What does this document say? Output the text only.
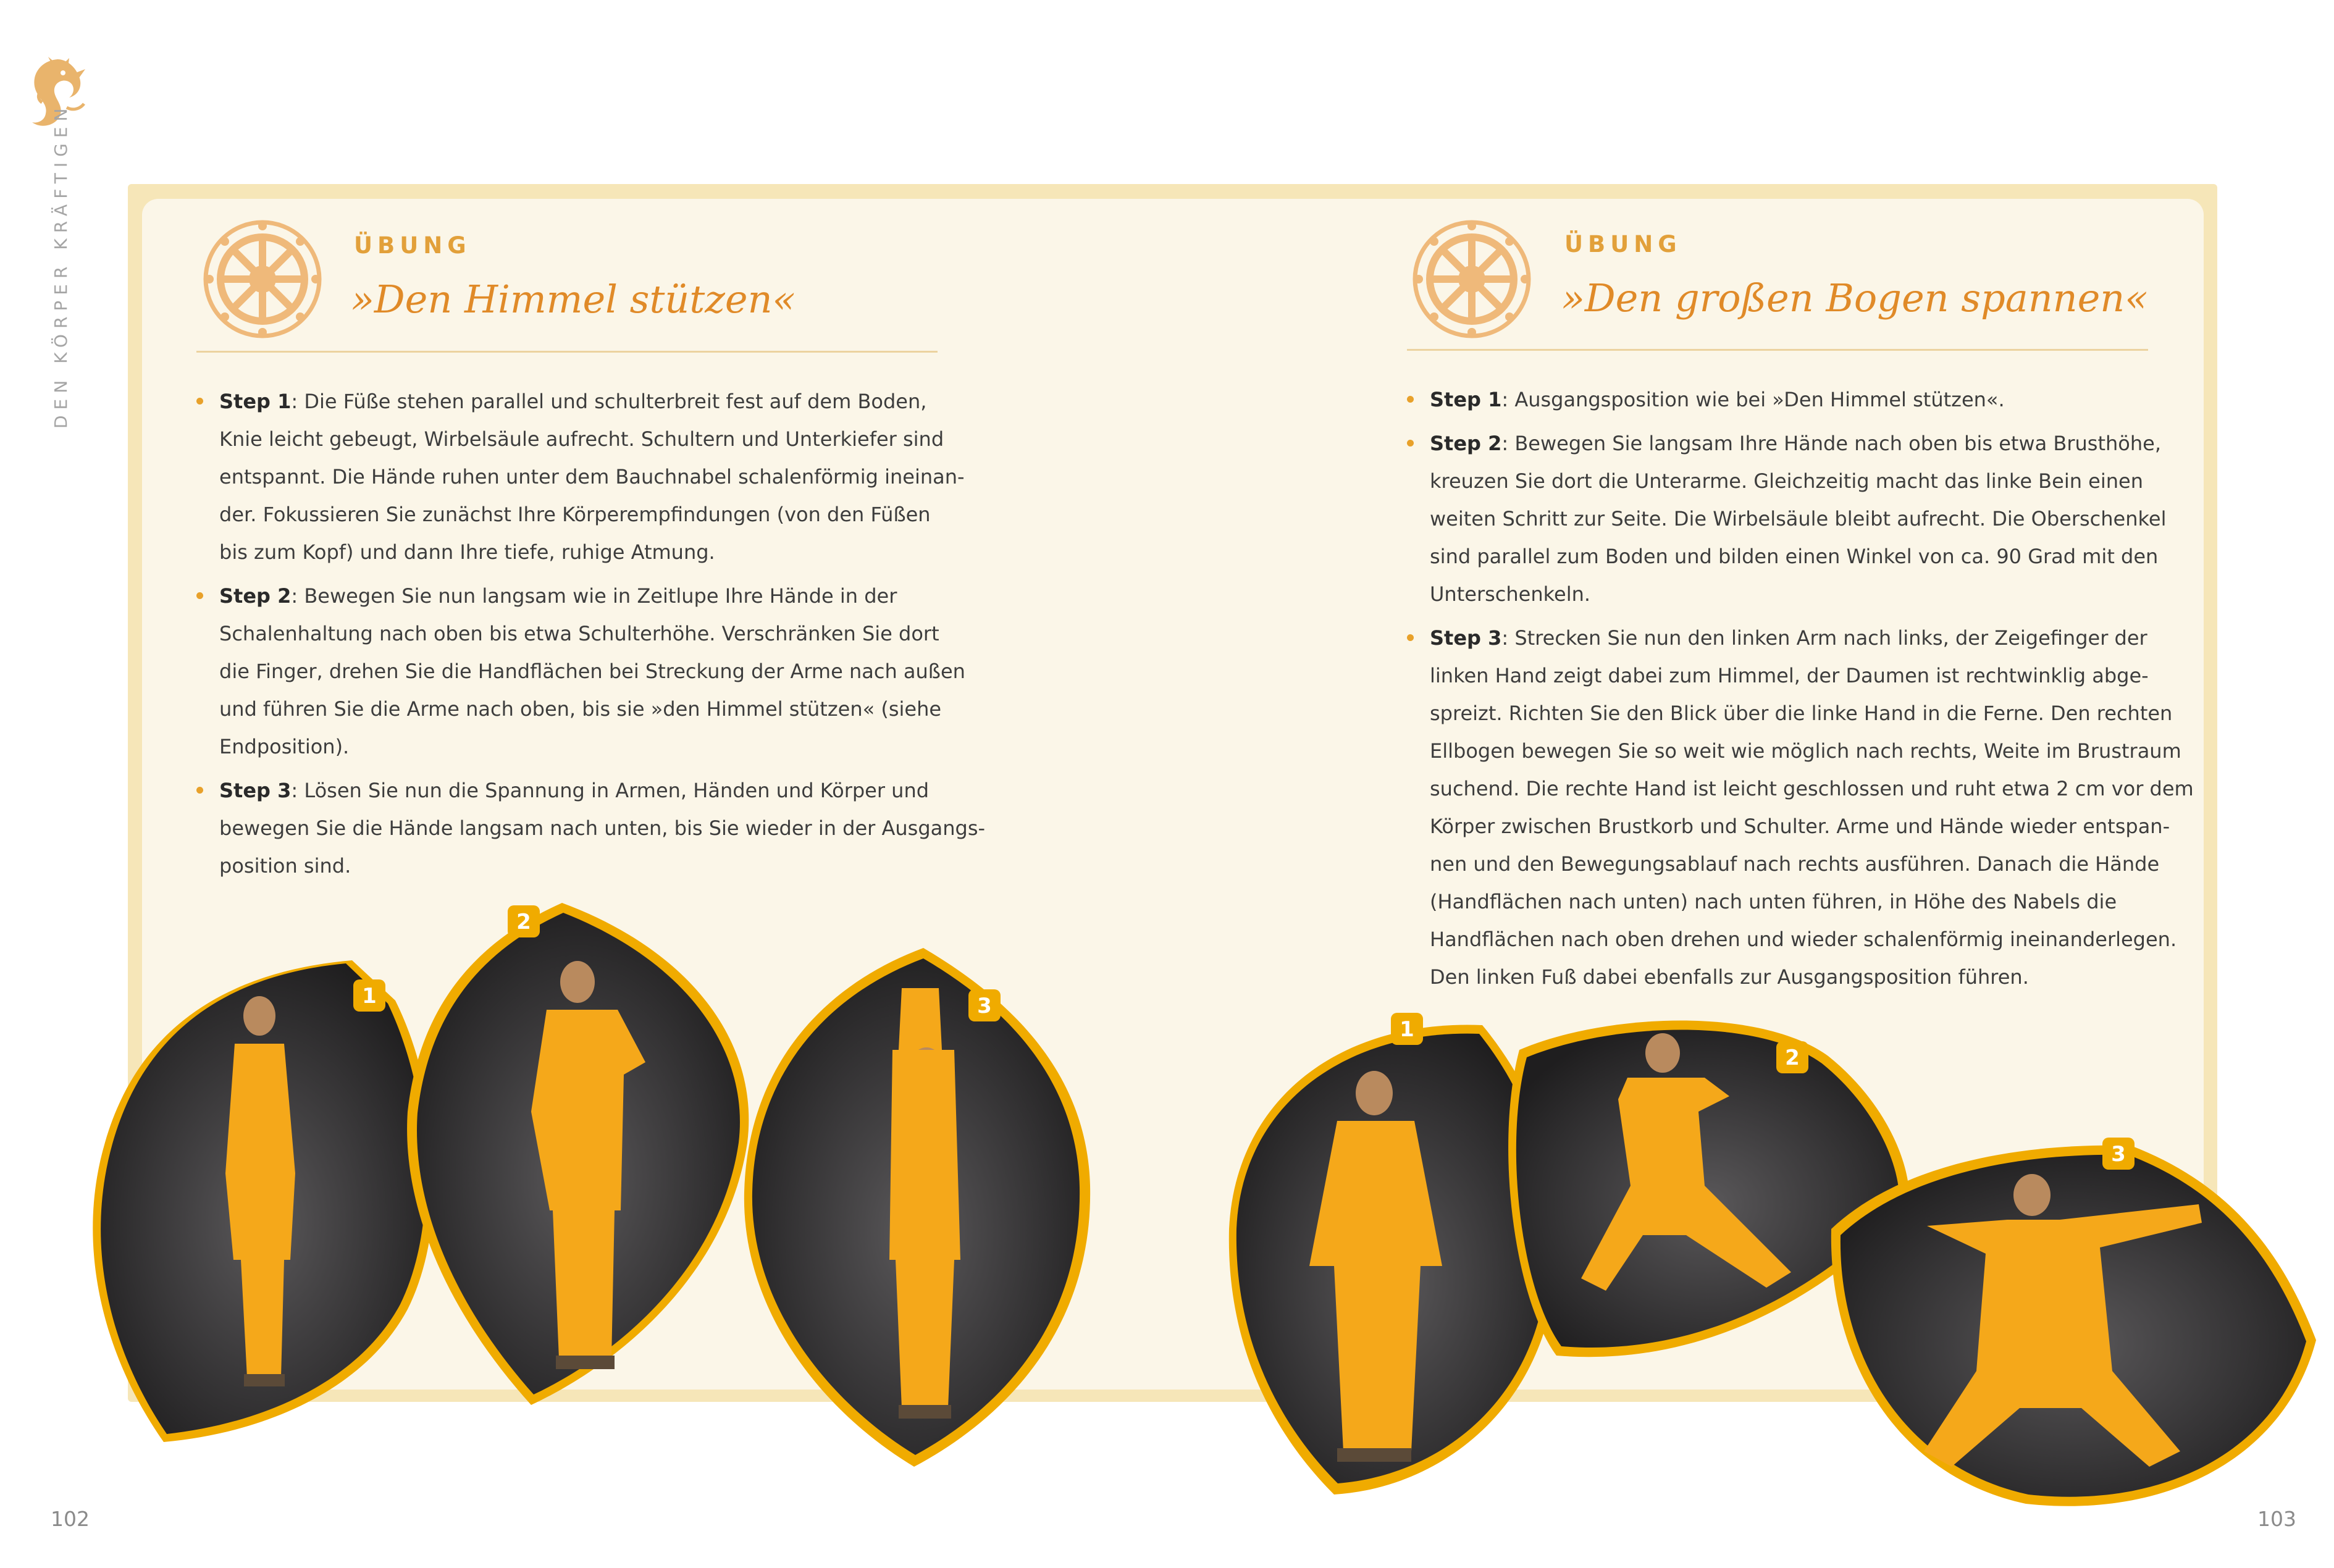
DEN KÖRPER KRÄFTIGEN	ÜBUNG
»Den Himmel stützen«
Step 1: Die Füße stehen parallel und schulterbreit fest auf dem Boden,
Knie leicht gebeugt, Wirbelsäule aufrecht. Schultern und Unterkiefer sind
entspannt. Die Hände ruhen unter dem Bauchnabel schalenförmig ineinan-
der. Fokussieren Sie zunächst Ihre Körperempfindungen (von den Füßen
bis zum Kopf) und dann Ihre tiefe, ruhige Atmung.
Step 2: Bewegen Sie nun langsam wie in Zeitlupe Ihre Hände in der
Schalenhaltung nach oben bis etwa Schulterhöhe. Verschränken Sie dort
die Finger, drehen Sie die Handflächen bei Streckung der Arme nach außen
und führen Sie die Arme nach oben, bis sie »den Himmel stützen« (siehe
Endposition).
Step 3: Lösen Sie nun die Spannung in Armen, Händen und Körper und
bewegen Sie die Hände langsam nach unten, bis Sie wieder in der Ausgangs-
position sind.
ÜBUNG
»Den großen Bogen spannen«
Step 1: Ausgangsposition wie bei »Den Himmel stützen«.
Step 2: Bewegen Sie langsam Ihre Hände nach oben bis etwa Brusthöhe,
kreuzen Sie dort die Unterarme. Gleichzeitig macht das linke Bein einen
weiten Schritt zur Seite. Die Wirbelsäule bleibt aufrecht. Die Oberschenkel
sind parallel zum Boden und bilden einen Winkel von ca. 90 Grad mit den
Unterschenkeln.
Step 3: Strecken Sie nun den linken Arm nach links, der Zeigefinger der
linken Hand zeigt dabei zum Himmel, der Daumen ist rechtwinklig abge-
spreizt. Richten Sie den Blick über die linke Hand in die Ferne. Den rechten
Ellbogen bewegen Sie so weit wie möglich nach rechts, Weite im Brustraum
suchend. Die rechte Hand ist leicht geschlossen und ruht etwa 2 cm vor dem
Körper zwischen Brustkorb und Schulter. Arme und Hände wieder entspan-
nen und den Bewegungsablauf nach rechts ausführen. Danach die Hände
(Handflächen nach unten) nach unten führen, in Höhe des Nabels die
Handflächen nach oben drehen und wieder schalenförmig ineinanderlegen.
Den linken Fuß dabei ebenfalls zur Ausgangsposition führen.
1
2
3
1
2
3
102	103
